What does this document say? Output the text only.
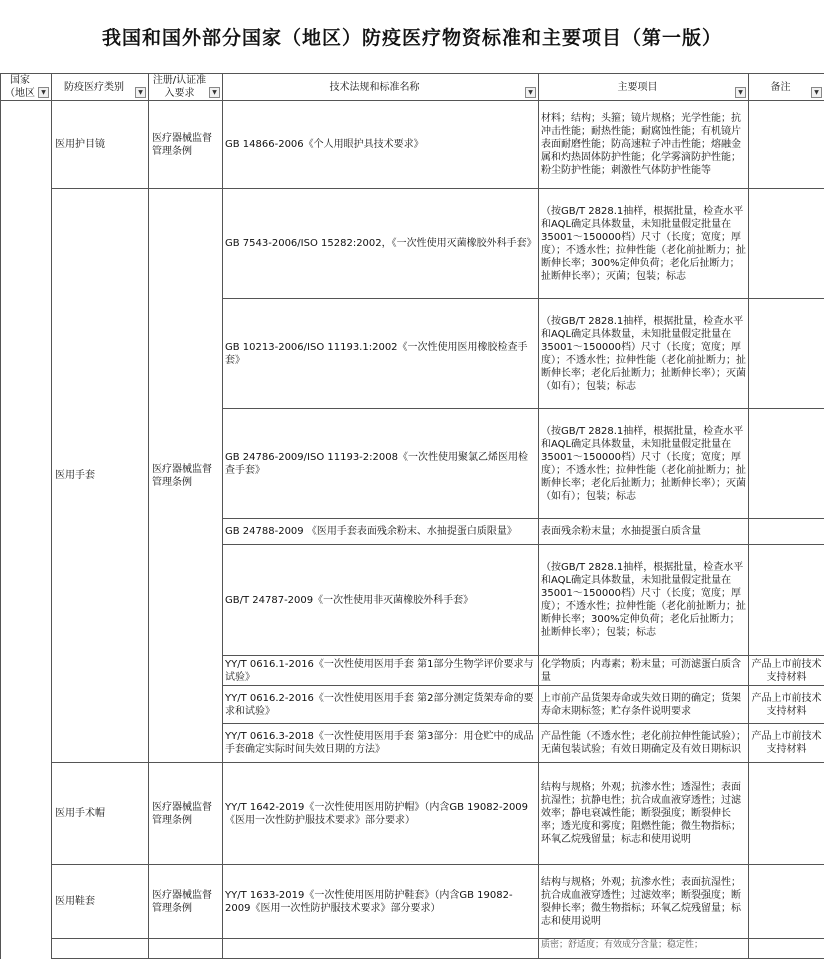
我国和国外部分国家（地区）防疫医疗物资标准和主要项目（第一版）
国家（地区 ▼	防疫医疗类别 ▼	注册/认证准入要求 ▼	技术法规和标准名称 ▼	主要项目 ▼	备注 ▼

	医用护目镜	医疗器械监督管理条例	GB 14866-2006《个人用眼护具技术要求》	材料；结构；头箍；镜片规格；光学性能；抗冲击性能；耐热性能；耐腐蚀性能；有机镜片表面耐磨性能；防高速粒子冲击性能；熔融金属和灼热固体防护性能；化学雾滴防护性能；粉尘防护性能；刺激性气体防护性能等	
	医用手套	医疗器械监督管理条例	GB 7543-2006/ISO 15282:2002，《一次性使用灭菌橡胶外科手套》	（按GB/T 2828.1抽样，根据批量，检查水平和AQL确定具体数量，未知批量假定批量在35001～150000档）尺寸（长度；宽度；厚度）；不透水性；拉伸性能（老化前扯断力；扯断伸长率；300%定伸负荷；老化后扯断力；扯断伸长率）；灭菌；包装；标志	
			GB 10213-2006/ISO 11193.1:2002《一次性使用医用橡胶检查手套》	（按GB/T 2828.1抽样，根据批量，检查水平和AQL确定具体数量，未知批量假定批量在35001～150000档）尺寸（长度；宽度；厚度）；不透水性；拉伸性能（老化前扯断力；扯断伸长率；老化后扯断力；扯断伸长率）；灭菌（如有）；包装；标志	
			GB 24786-2009/ISO 11193-2:2008《一次性使用聚氯乙烯医用检查手套》	（按GB/T 2828.1抽样，根据批量，检查水平和AQL确定具体数量，未知批量假定批量在35001～150000档）尺寸（长度；宽度；厚度）；不透水性；拉伸性能（老化前扯断力；扯断伸长率；老化后扯断力；扯断伸长率）；灭菌（如有）；包装；标志	
			GB 24788-2009 《医用手套表面残余粉末、水抽提蛋白质限量》	表面残余粉末量；水抽提蛋白质含量	
			GB/T 24787-2009《一次性使用非灭菌橡胶外科手套》	（按GB/T 2828.1抽样，根据批量，检查水平和AQL确定具体数量，未知批量假定批量在35001～150000档）尺寸（长度；宽度；厚度）；不透水性；拉伸性能（老化前扯断力；扯断伸长率；300%定伸负荷；老化后扯断力；扯断伸长率）；包装；标志	
			YY/T 0616.1-2016《一次性使用医用手套 第1部分生物学评价要求与试验》	化学物质；内毒素；粉末量；可沥滤蛋白质含量	产品上市前技术支持材料
			YY/T 0616.2-2016《一次性使用医用手套 第2部分测定货架寿命的要求和试验》	上市前产品货架寿命或失效日期的确定；货架寿命末期标签；贮存条件说明要求	产品上市前技术支持材料
			YY/T 0616.3-2018《一次性使用医用手套 第3部分：用仓贮中的成品手套确定实际时间失效日期的方法》	产品性能（不透水性；老化前拉伸性能试验）；无菌包装试验；有效日期确定及有效日期标识	产品上市前技术支持材料
	医用手术帽	医疗器械监督管理条例	YY/T 1642-2019《一次性使用医用防护帽》（内含GB 19082-2009《医用一次性防护服技术要求》部分要求）	结构与规格；外观；抗渗水性；透湿性；表面抗湿性；抗静电性；抗合成血液穿透性；过滤效率；静电衰减性能；断裂强度；断裂伸长率；透光度和雾度；阻燃性能；微生物指标；环氧乙烷残留量；标志和使用说明	
	医用鞋套	医疗器械监督管理条例	YY/T 1633-2019《一次性使用医用防护鞋套》（内含GB 19082-2009《医用一次性防护服技术要求》部分要求）	结构与规格；外观；抗渗水性；表面抗湿性；抗合成血液穿透性；过滤效率；断裂强度；断裂伸长率；微生物指标；环氧乙烷残留量；标志和使用说明	
				质密；舒适度；有效成分含量；稳定性；	
